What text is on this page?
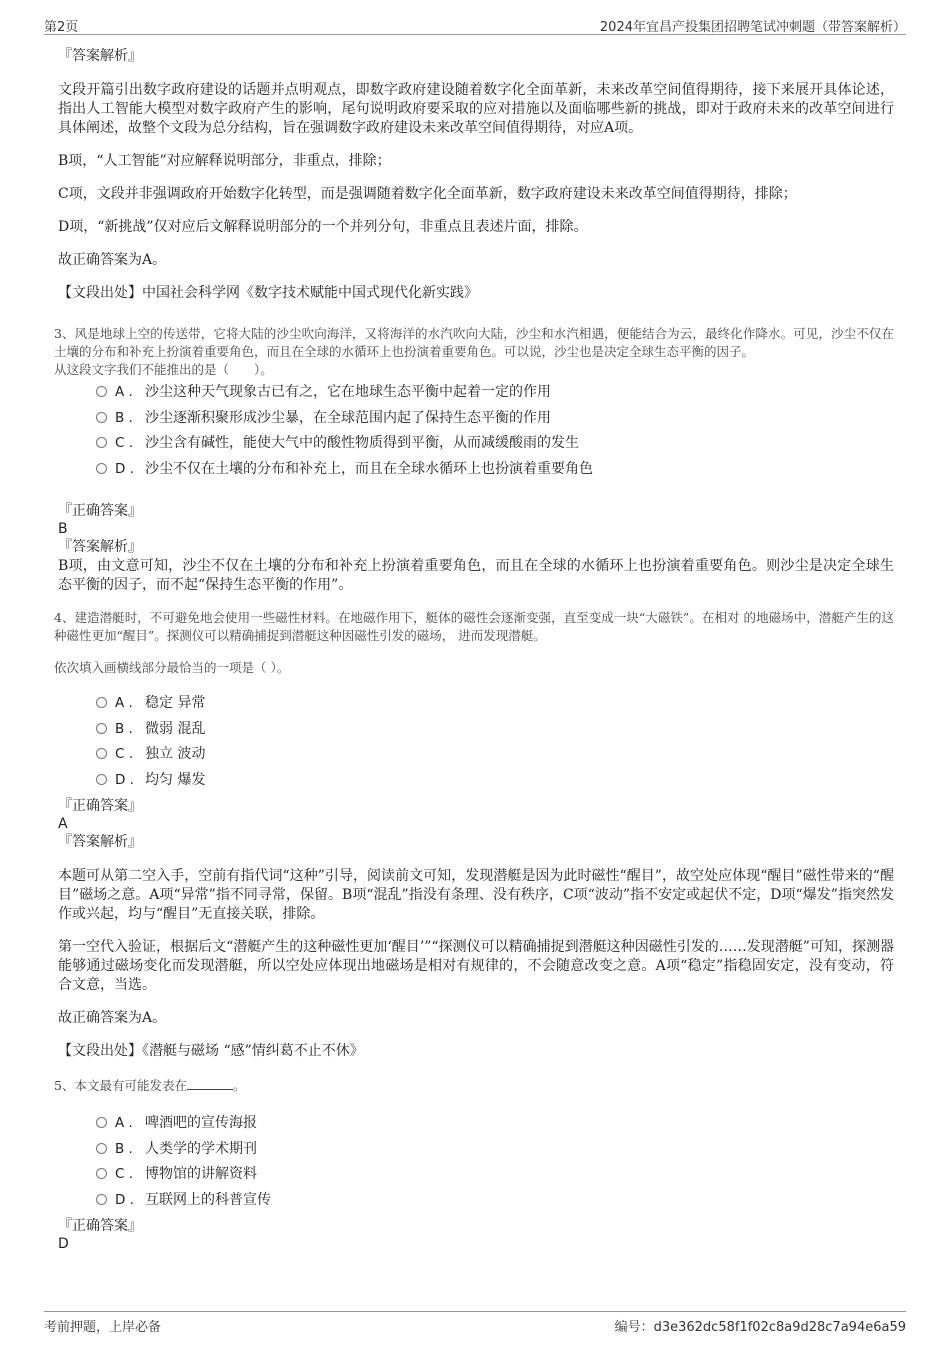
第2页	2024年宜昌产投集团招聘笔试冲刺题（带答案解析）

『答案解析』

文段开篇引出数字政府建设的话题并点明观点，即数字政府建设随着数字化全面革新，未来改革空间值得期待，接下来展开具体论述，指出人工智能大模型对数字政府产生的影响，尾句说明政府要采取的应对措施以及面临哪些新的挑战，即对于政府未来的改革空间进行具体阐述，故整个文段为总分结构，旨在强调数字政府建设未来改革空间值得期待，对应A项。

B项，“人工智能”对应解释说明部分，非重点，排除；

C项，文段并非强调政府开始数字化转型，而是强调随着数字化全面革新，数字政府建设未来改革空间值得期待，排除；

D项，“新挑战”仅对应后文解释说明部分的一个并列分句，非重点且表述片面，排除。

故正确答案为A。

【文段出处】中国社会科学网《数字技术赋能中国式现代化新实践》

3、风是地球上空的传送带，它将大陆的沙尘吹向海洋，又将海洋的水汽吹向大陆，沙尘和水汽相遇，便能结合为云，最终化作降水。可见，沙尘不仅在土壤的分布和补充上扮演着重要角色，而且在全球的水循环上也扮演着重要角色。可以说，沙尘也是决定全球生态平衡的因子。

从这段文字我们不能推出的是（　　）。

A . 沙尘这种天气现象古已有之，它在地球生态平衡中起着一定的作用
B . 沙尘逐渐积聚形成沙尘暴，在全球范围内起了保持生态平衡的作用
C . 沙尘含有碱性，能使大气中的酸性物质得到平衡，从而减缓酸雨的发生
D . 沙尘不仅在土壤的分布和补充上，而且在全球水循环上也扮演着重要角色

『正确答案』

B

『答案解析』

B项，由文意可知，沙尘不仅在土壤的分布和补充上扮演着重要角色，而且在全球的水循环上也扮演着重要角色。则沙尘是决定全球生态平衡的因子，而不起“保持生态平衡的作用”。

4、建造潜艇时，不可避免地会使用一些磁性材料。在地磁作用下，艇体的磁性会逐渐变强，直至变成一块“大磁铁”。在相对 的地磁场中，潜艇产生的这种磁性更加“醒目”。探测仪可以精确捕捉到潜艇这种因磁性引发的磁场， 进而发现潜艇。

依次填入画横线部分最恰当的一项是（ ）。

A . 稳定 异常
B . 微弱 混乱
C . 独立 波动
D . 均匀 爆发

『正确答案』

A

『答案解析』

本题可从第二空入手，空前有指代词“这种”引导，阅读前文可知，发现潜艇是因为此时磁性“醒目”，故空处应体现“醒目”磁性带来的“醒目”磁场之意。A项“异常”指不同寻常，保留。B项“混乱”指没有条理、没有秩序，C项“波动”指不安定或起伏不定，D项“爆发”指突然发作或兴起，均与“醒目”无直接关联，排除。

第一空代入验证，根据后文“潜艇产生的这种磁性更加‘醒目’”“探测仪可以精确捕捉到潜艇这种因磁性引发的……发现潜艇”可知，探测器能够通过磁场变化而发现潜艇，所以空处应体现出地磁场是相对有规律的，不会随意改变之意。A项“稳定”指稳固安定，没有变动，符合文意，当选。

故正确答案为A。

【文段出处】《潜艇与磁场 “感”情纠葛不止不休》

5、本文最有可能发表在	。

A . 啤酒吧的宣传海报
B . 人类学的学术期刊
C . 博物馆的讲解资料
D . 互联网上的科普宣传

『正确答案』

D

考前押题，上岸必备	编号：d3e362dc58f1f02c8a9d28c7a94e6a59
